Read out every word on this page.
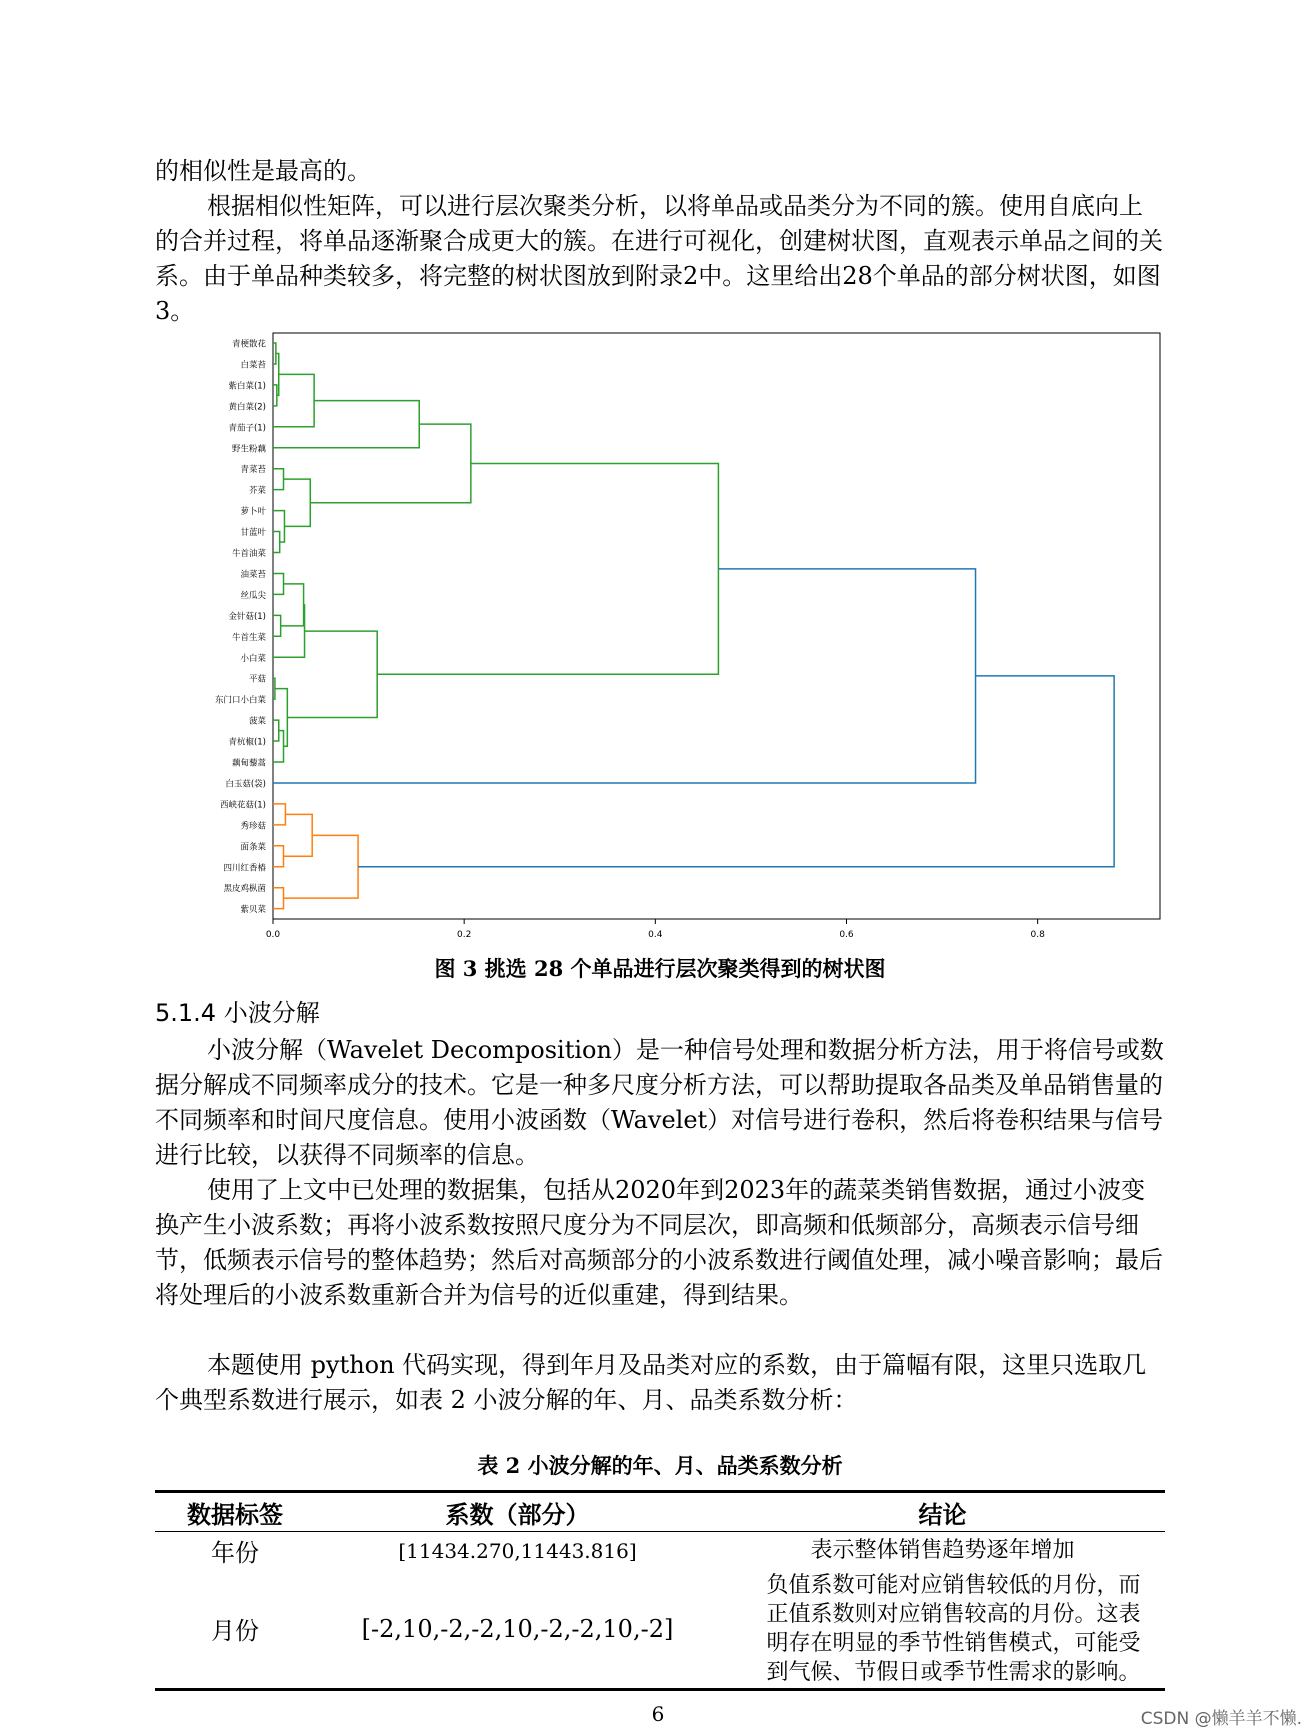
的相似性是最高的。

根据相似性矩阵，可以进行层次聚类分析，以将单品或品类分为不同的簇。使用自底向上的合并过程，将单品逐渐聚合成更大的簇。在进行可视化，创建树状图，直观表示单品之间的关系。由于单品种类较多，将完整的树状图放到附录2中。这里给出28个单品的部分树状图，如图3。

青梗散花
白菜苔
紫白菜(1)
黄白菜(2)
青茄子(1)
野生粉藕
青菜苔
芥菜
萝卜叶
甘蓝叶
牛首油菜
油菜苔
丝瓜尖
金针菇(1)
牛首生菜
小白菜
平菇
东门口小白菜
菠菜
青杭椒(1)
藕甸藜蒿
白玉菇(袋)
西峡花菇(1)
秀珍菇
面条菜
四川红香椿
黑皮鸡枞菌
紫贝菜
0.0	0.2	0.4	0.6	0.8

图 3 挑选 28 个单品进行层次聚类得到的树状图

5.1.4 小波分解

小波分解（Wavelet Decomposition）是一种信号处理和数据分析方法，用于将信号或数据分解成不同频率成分的技术。它是一种多尺度分析方法，可以帮助提取各品类及单品销售量的不同频率和时间尺度信息。使用小波函数（Wavelet）对信号进行卷积，然后将卷积结果与信号进行比较，以获得不同频率的信息。

使用了上文中已处理的数据集，包括从2020年到2023年的蔬菜类销售数据，通过小波变换产生小波系数；再将小波系数按照尺度分为不同层次，即高频和低频部分，高频表示信号细节，低频表示信号的整体趋势；然后对高频部分的小波系数进行阈值处理，减小噪音影响；最后将处理后的小波系数重新合并为信号的近似重建，得到结果。

本题使用 python 代码实现，得到年月及品类对应的系数，由于篇幅有限，这里只选取几个典型系数进行展示，如表 2 小波分解的年、月、品类系数分析：

表 2 小波分解的年、月、品类系数分析

数据标签	系数（部分）	结论
年份	[11434.270,11443.816]	表示整体销售趋势逐年增加
月份	[-2,10,-2,-2,10,-2,-2,10,-2]	负值系数可能对应销售较低的月份，而正值系数则对应销售较高的月份。这表明存在明显的季节性销售模式，可能受到气候、节假日或季节性需求的影响。
6	CSDN @懒羊羊不懒.
